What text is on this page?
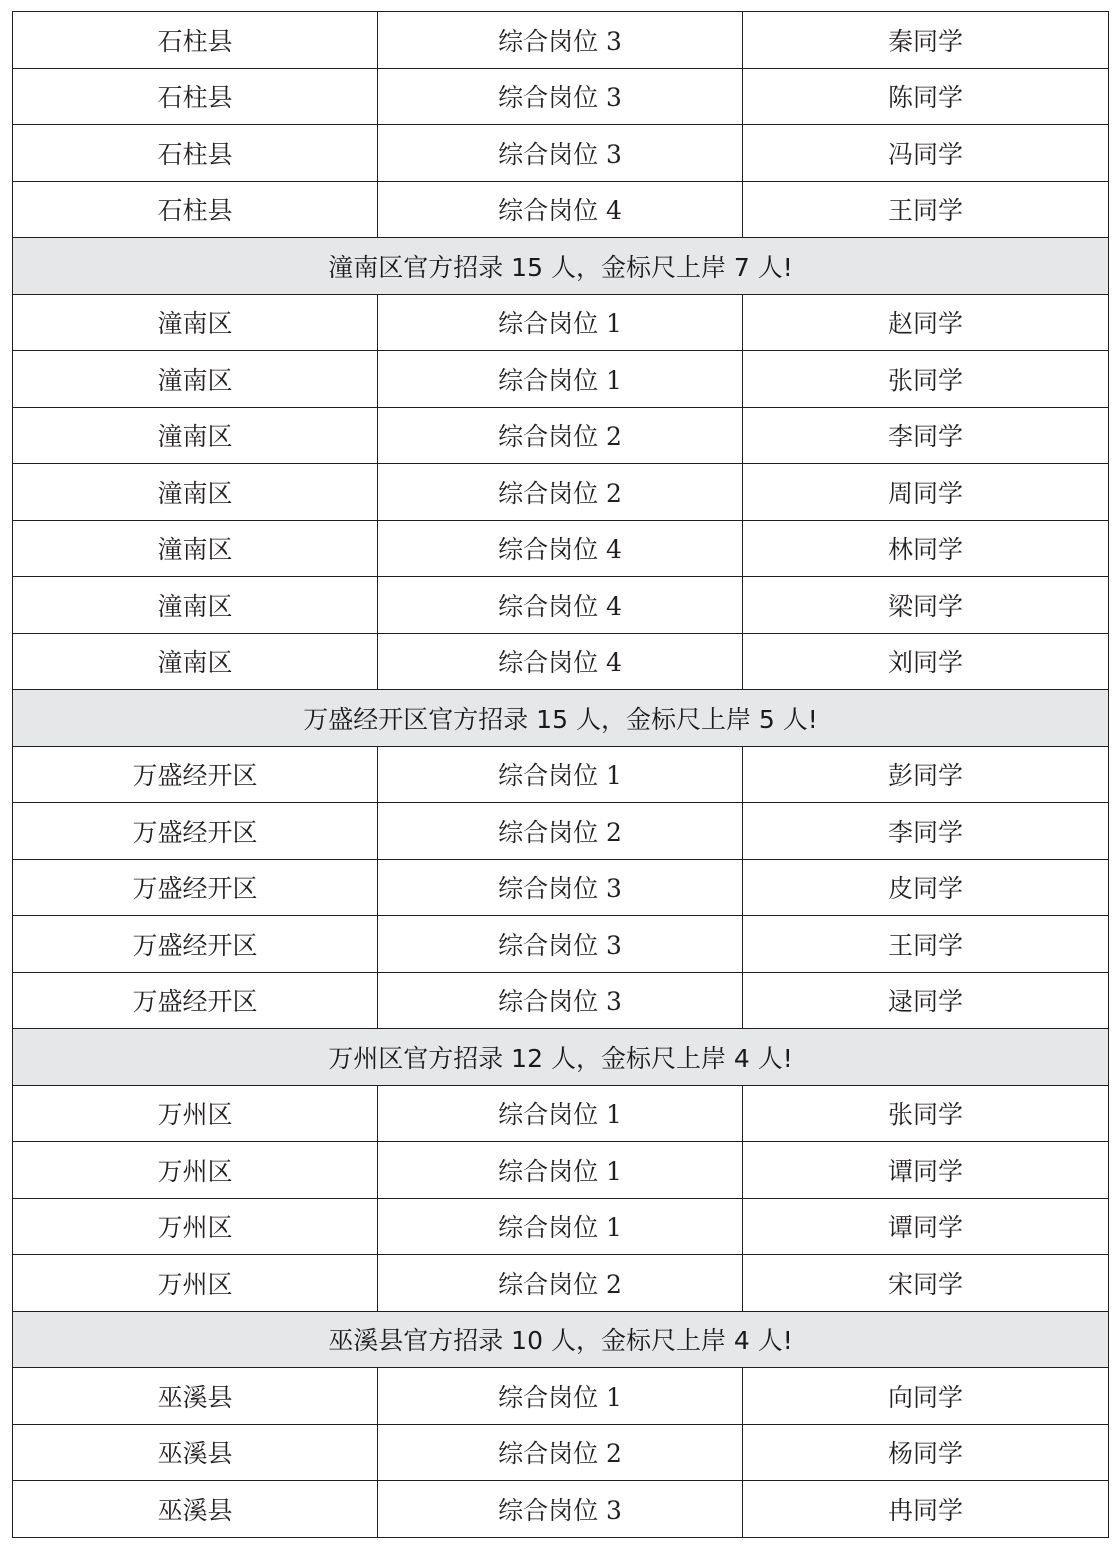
石柱县	综合岗位 3	秦同学
石柱县	综合岗位 3	陈同学
石柱县	综合岗位 3	冯同学
石柱县	综合岗位 4	王同学
潼南区官方招录 15 人，金标尺上岸 7 人!		
潼南区	综合岗位 1	赵同学
潼南区	综合岗位 1	张同学
潼南区	综合岗位 2	李同学
潼南区	综合岗位 2	周同学
潼南区	综合岗位 4	林同学
潼南区	综合岗位 4	梁同学
潼南区	综合岗位 4	刘同学
万盛经开区官方招录 15 人，金标尺上岸 5 人!		
万盛经开区	综合岗位 1	彭同学
万盛经开区	综合岗位 2	李同学
万盛经开区	综合岗位 3	皮同学
万盛经开区	综合岗位 3	王同学
万盛经开区	综合岗位 3	逯同学
万州区官方招录 12 人，金标尺上岸 4 人!		
万州区	综合岗位 1	张同学
万州区	综合岗位 1	谭同学
万州区	综合岗位 1	谭同学
万州区	综合岗位 2	宋同学
巫溪县官方招录 10 人，金标尺上岸 4 人!		
巫溪县	综合岗位 1	向同学
巫溪县	综合岗位 2	杨同学
巫溪县	综合岗位 3	冉同学
